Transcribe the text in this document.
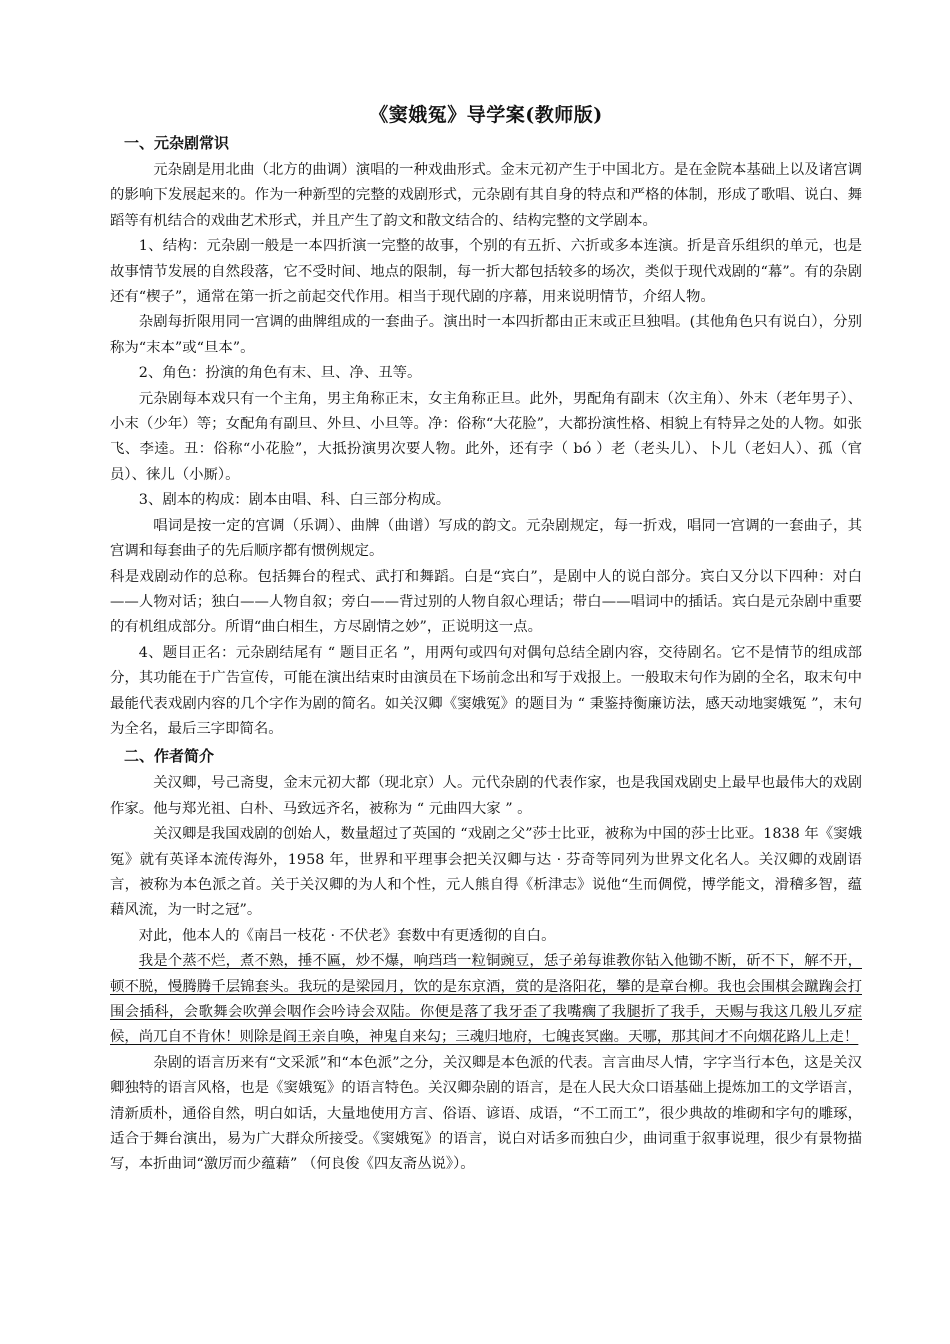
《窦娥冤》导学案(教师版)
一、元杂剧常识

元杂剧是用北曲（北方的曲调）演唱的一种戏曲形式。金末元初产生于中国北方。是在金院本基础上以及诸宫调的影响下发展起来的。作为一种新型的完整的戏剧形式，元杂剧有其自身的特点和严格的体制，形成了歌唱、说白、舞蹈等有机结合的戏曲艺术形式，并且产生了韵文和散文结合的、结构完整的文学剧本。

1、结构：元杂剧一般是一本四折演一完整的故事，个别的有五折、六折或多本连演。折是音乐组织的单元，也是故事情节发展的自然段落，它不受时间、地点的限制，每一折大都包括较多的场次，类似于现代戏剧的“幕”。有的杂剧还有“楔子”，通常在第一折之前起交代作用。相当于现代剧的序幕，用来说明情节，介绍人物。

杂剧每折限用同一宫调的曲牌组成的一套曲子。演出时一本四折都由正末或正旦独唱。(其他角色只有说白），分别称为“末本”或“旦本”。

2、角色：扮演的角色有末、旦、净、丑等。

元杂剧每本戏只有一个主角，男主角称正末，女主角称正旦。此外，男配角有副末（次主角）、外末（老年男子）、小末（少年）等；女配角有副旦、外旦、小旦等。净：俗称“大花脸”，大都扮演性格、相貌上有特异之处的人物。如张飞、李逵。丑：俗称“小花脸”，大抵扮演男次要人物。此外，还有孛（ bó ）老（老头儿）、卜儿（老妇人）、孤（官员）、徕儿（小厮）。

3、剧本的构成：剧本由唱、科、白三部分构成。

唱词是按一定的宫调（乐调）、曲牌（曲谱）写成的韵文。元杂剧规定，每一折戏，唱同一宫调的一套曲子，其宫调和每套曲子的先后顺序都有惯例规定。

科是戏剧动作的总称。包括舞台的程式、武打和舞蹈。白是“宾白”，是剧中人的说白部分。宾白又分以下四种：对白——人物对话；独白——人物自叙；旁白——背过别的人物自叙心理话；带白——唱词中的插话。宾白是元杂剧中重要的有机组成部分。所谓“曲白相生，方尽剧情之妙”，正说明这一点。

4、题目正名：元杂剧结尾有 “ 题目正名 ”，用两句或四句对偶句总结全剧内容，交待剧名。它不是情节的组成部分，其功能在于广告宣传，可能在演出结束时由演员在下场前念出和写于戏报上。一般取末句作为剧的全名，取末句中最能代表戏剧内容的几个字作为剧的简名。如关汉卿《窦娥冤》的题目为 “ 秉鉴持衡廉访法，感天动地窦娥冤 ”，末句为全名，最后三字即简名。

二、作者简介

关汉卿，号己斋叟，金末元初大都（现北京）人。元代杂剧的代表作家，也是我国戏剧史上最早也最伟大的戏剧作家。他与郑光祖、白朴、马致远齐名，被称为 “ 元曲四大家 ” 。

关汉卿是我国戏剧的创始人，数量超过了英国的 “戏剧之父”莎士比亚，被称为中国的莎士比亚。1838 年《窦娥冤》就有英译本流传海外，1958 年，世界和平理事会把关汉卿与达 · 芬奇等同列为世界文化名人。关汉卿的戏剧语言，被称为本色派之首。关于关汉卿的为人和个性，元人熊自得《析津志》说他“生而倜傥，博学能文，滑稽多智，蕴藉风流，为一时之冠”。

对此，他本人的《南吕一枝花 · 不伏老》套数中有更透彻的自白。

我是个蒸不烂，煮不熟，捶不匾，炒不爆，响珰珰一粒铜豌豆，恁子弟每谁教你钻入他锄不断，斫不下，解不开，顿不脱，慢腾腾千层锦套头。我玩的是梁园月，饮的是东京酒，赏的是洛阳花，攀的是章台柳。我也会围棋会蹴踘会打围会插科，会歌舞会吹弹会咽作会吟诗会双陆。你便是落了我牙歪了我嘴瘸了我腿折了我手，天赐与我这几般儿歹症候，尚兀自不肯休！则除是阎王亲自唤，神鬼自来勾；三魂归地府，七魄丧冥幽。天哪，那其间才不向烟花路儿上走！

杂剧的语言历来有“文采派”和“本色派”之分，关汉卿是本色派的代表。言言曲尽人情，字字当行本色，这是关汉卿独特的语言风格，也是《窦娥冤》的语言特色。关汉卿杂剧的语言，是在人民大众口语基础上提炼加工的文学语言，清新质朴，通俗自然，明白如话，大量地使用方言、俗语、谚语、成语，“不工而工”，很少典故的堆砌和字句的雕琢，适合于舞台演出，易为广大群众所接受。《窦娥冤》的语言，说白对话多而独白少，曲词重于叙事说理，很少有景物描写，本折曲词“激厉而少蕴藉” （何良俊《四友斋丛说》）。
